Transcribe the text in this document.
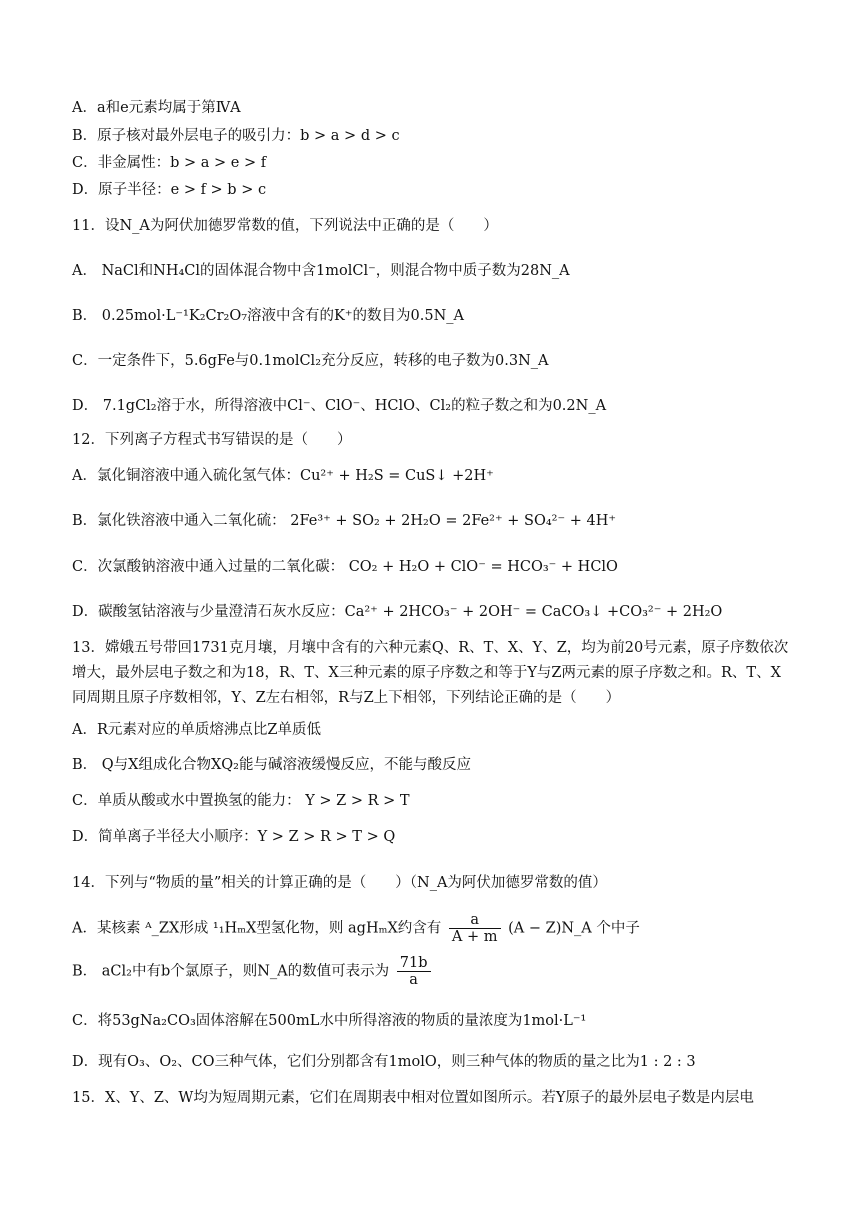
A．a和e元素均属于第ⅣA
B．原子核对最外层电子的吸引力：b > a > d > c
C．非金属性：b > a > e > f
D．原子半径：e > f > b > c
11．设N_A为阿伏加德罗常数的值，下列说法中正确的是（　　）
A． NaCl和NH₄Cl的固体混合物中含1molCl⁻，则混合物中质子数为28N_A
B． 0.25mol·L⁻¹K₂Cr₂O₇溶液中含有的K⁺的数目为0.5N_A
C．一定条件下，5.6gFe与0.1molCl₂充分反应，转移的电子数为0.3N_A
D． 7.1gCl₂溶于水，所得溶液中Cl⁻、ClO⁻、HClO、Cl₂的粒子数之和为0.2N_A
12．下列离子方程式书写错误的是（　　）
A．氯化铜溶液中通入硫化氢气体：Cu²⁺ + H₂S = CuS↓ +2H⁺
B．氯化铁溶液中通入二氧化硫： 2Fe³⁺ + SO₂ + 2H₂O = 2Fe²⁺ + SO₄²⁻ + 4H⁺
C．次氯酸钠溶液中通入过量的二氧化碳： CO₂ + H₂O + ClO⁻ = HCO₃⁻ + HClO
D．碳酸氢钴溶液与少量澄清石灰水反应：Ca²⁺ + 2HCO₃⁻ + 2OH⁻ = CaCO₃↓ +CO₃²⁻ + 2H₂O
13．嫦娥五号带回1731克月壤，月壤中含有的六种元素Q、R、T、X、Y、Z，均为前20号元素，原子序数依次增大，最外层电子数之和为18，R、T、X三种元素的原子序数之和等于Y与Z两元素的原子序数之和。R、T、X同周期且原子序数相邻，Y、Z左右相邻，R与Z上下相邻，下列结论正确的是（　　）
A．R元素对应的单质熔沸点比Z单质低
B． Q与X组成化合物XQ₂能与碱溶液缓慢反应，不能与酸反应
C．单质从酸或水中置换氢的能力： Y > Z > R > T
D．简单离子半径大小顺序：Y > Z > R > T > Q
14．下列与“物质的量”相关的计算正确的是（　　）（N_A为阿伏加德罗常数的值）
A．某核素 ᴬ_ZX形成 ¹₁HₘX型氢化物，则 agHₘX约含有 $\frac{a}{A + m} (A$ − Z)N_A 个中子
B． aCl₂中有b个氯原子，则N_A的数值可表示为 $\frac{71b}{a}$
C．将53gNa₂CO₃固体溶解在500mL水中所得溶液的物质的量浓度为1mol·L⁻¹
D．现有O₃、O₂、CO三种气体，它们分别都含有1molO，则三种气体的物质的量之比为1 : 2 : 3
15．X、Y、Z、W均为短周期元素，它们在周期表中相对位置如图所示。若Y原子的最外层电子数是内层电
